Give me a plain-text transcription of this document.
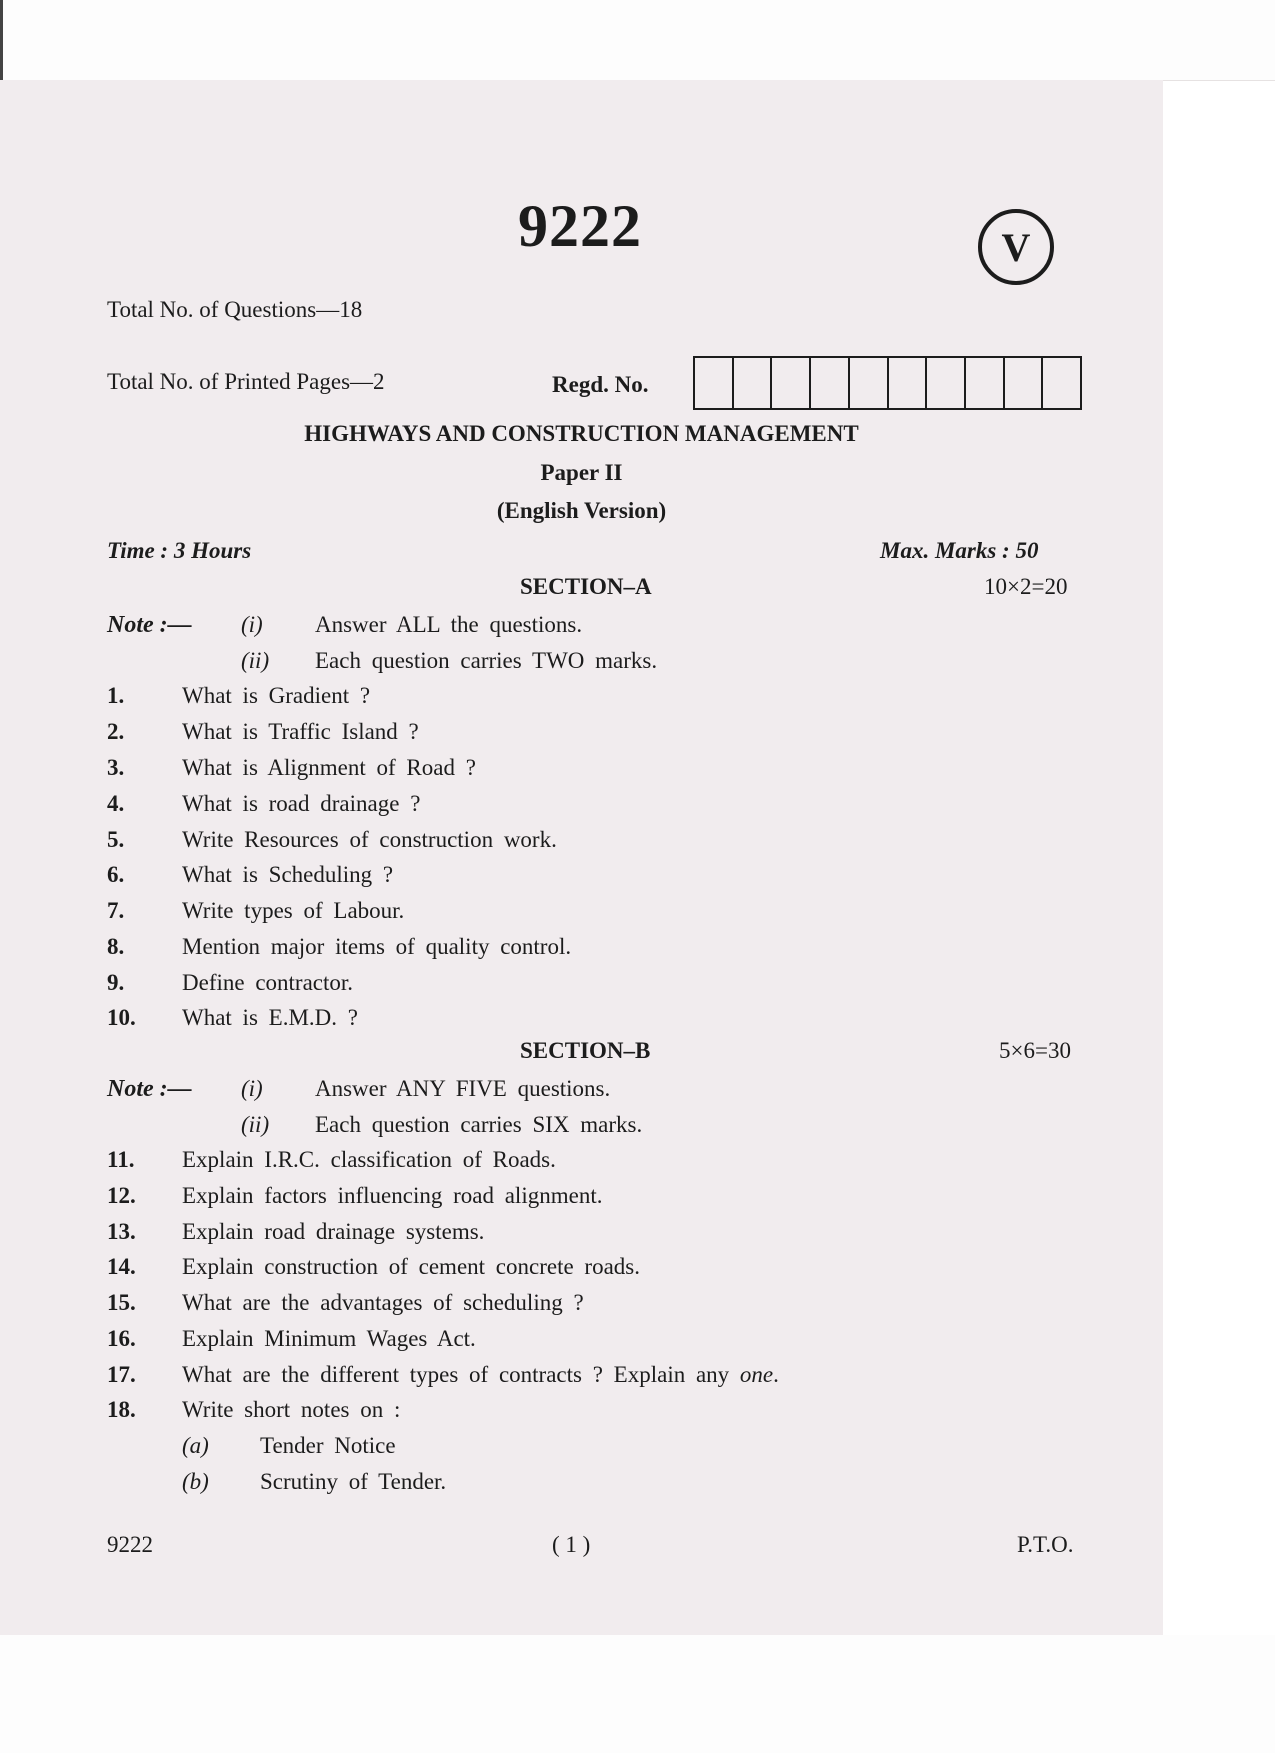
9222	V
Total No. of Questions—18
Total No. of Printed Pages—2	Regd. No.
HIGHWAYS AND CONSTRUCTION MANAGEMENT
Paper II
(English Version)
Time : 3 Hours	Max. Marks : 50
SECTION–A	10×2=20
Note :— (i) Answer ALL the questions.
(ii) Each question carries TWO marks.
1.	What is Gradient ?
2.	What is Traffic Island ?
3.	What is Alignment of Road ?
4.	What is road drainage ?
5.	Write Resources of construction work.
6.	What is Scheduling ?
7.	Write types of Labour.
8.	Mention major items of quality control.
9.	Define contractor.
10. What is E.M.D. ?
SECTION–B	5×6=30
Note :— (i) Answer ANY FIVE questions.
(ii) Each question carries SIX marks.
11. Explain I.R.C. classification of Roads.
12. Explain factors influencing road alignment.
13. Explain road drainage systems.
14. Explain construction of cement concrete roads.
15. What are the advantages of scheduling ?
16. Explain Minimum Wages Act.
17. What are the different types of contracts ? Explain any one.
18. Write short notes on :
(a) Tender Notice
(b) Scrutiny of Tender.
9222	( 1 )	P.T.O.
